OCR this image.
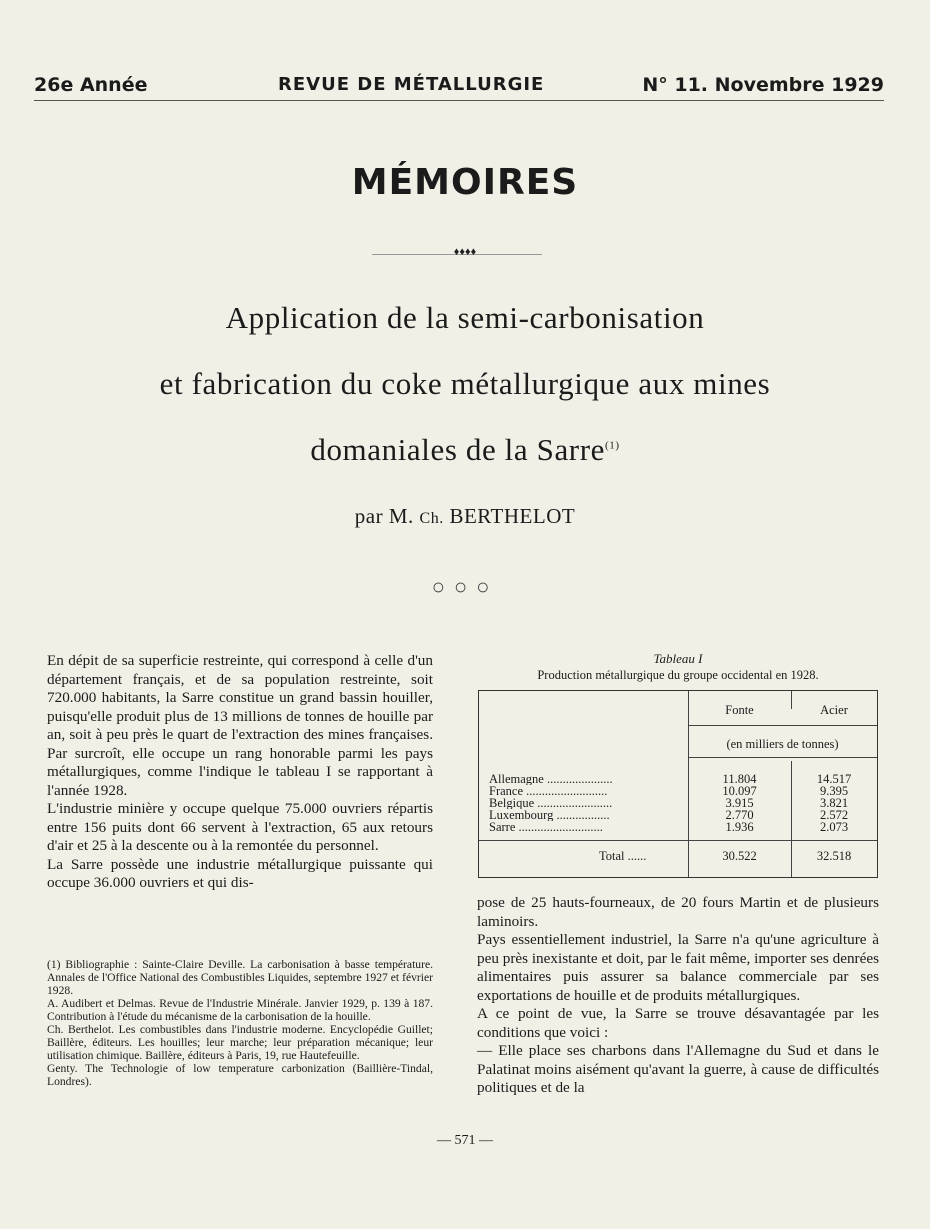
26e Année	REVUE DE MÉTALLURGIE	N° 11. Novembre 1929
MÉMOIRES
♦♦♦♦
Application de la semi-carbonisation
et fabrication du coke métallurgique aux mines
domaniales de la Sarre$^{(1)}$
par M. Ch. BERTHELOT
○○○

En dépit de sa superficie restreinte, qui correspond à celle d'un département français, et de sa population restreinte, soit 720.000 habitants, la Sarre constitue un grand bassin houiller, puisqu'elle produit plus de 13 millions de tonnes de houille par an, soit à peu près le quart de l'extraction des mines françaises. Par surcroît, elle occupe un rang honorable parmi les pays métallurgiques, comme l'indique le tableau I se rapportant à l'année 1928.

L'industrie minière y occupe quelque 75.000 ouvriers répartis entre 156 puits dont 66 servent à l'extraction, 65 aux retours d'air et 25 à la descente ou à la remontée du personnel.

La Sarre possède une industrie métallurgique puissante qui occupe 36.000 ouvriers et qui dis-

(1) Bibliographie : Sainte-Claire Deville. La carbonisation à basse température. Annales de l'Office National des Combustibles Liquides, septembre 1927 et février 1928.

A. Audibert et Delmas. Revue de l'Industrie Minérale. Janvier 1929, p. 139 à 187. Contribution à l'étude du mécanisme de la carbonisation de la houille.

Ch. Berthelot. Les combustibles dans l'industrie moderne. Encyclopédie Guillet; Baillère, éditeurs. Les houilles; leur marche; leur préparation mécanique; leur utilisation chimique. Baillère, éditeurs à Paris, 19, rue Hautefeuille.

Genty. The Technologie of low temperature carbonization (Baillière-Tindal, Londres).

Tableau I
Production métallurgique du groupe occidental en 1928.
Fonte	Acier
(en milliers de tonnes)
Allemagne .....................	11.804	14.517
France ..........................	10.097	9.395
Belgique ........................	3.915	3.821
Luxembourg .................	2.770	2.572
Sarre ...........................	1.936	2.073
Total ......	30.522	32.518

pose de 25 hauts-fourneaux, de 20 fours Martin et de plusieurs laminoirs.

Pays essentiellement industriel, la Sarre n'a qu'une agriculture à peu près inexistante et doit, par le fait même, importer ses denrées alimentaires puis assurer sa balance commerciale par ses exportations de houille et de produits métallurgiques.

A ce point de vue, la Sarre se trouve désavantagée par les conditions que voici :

— Elle place ses charbons dans l'Allemagne du Sud et dans le Palatinat moins aisément qu'avant la guerre, à cause de difficultés politiques et de la

— 571 —
